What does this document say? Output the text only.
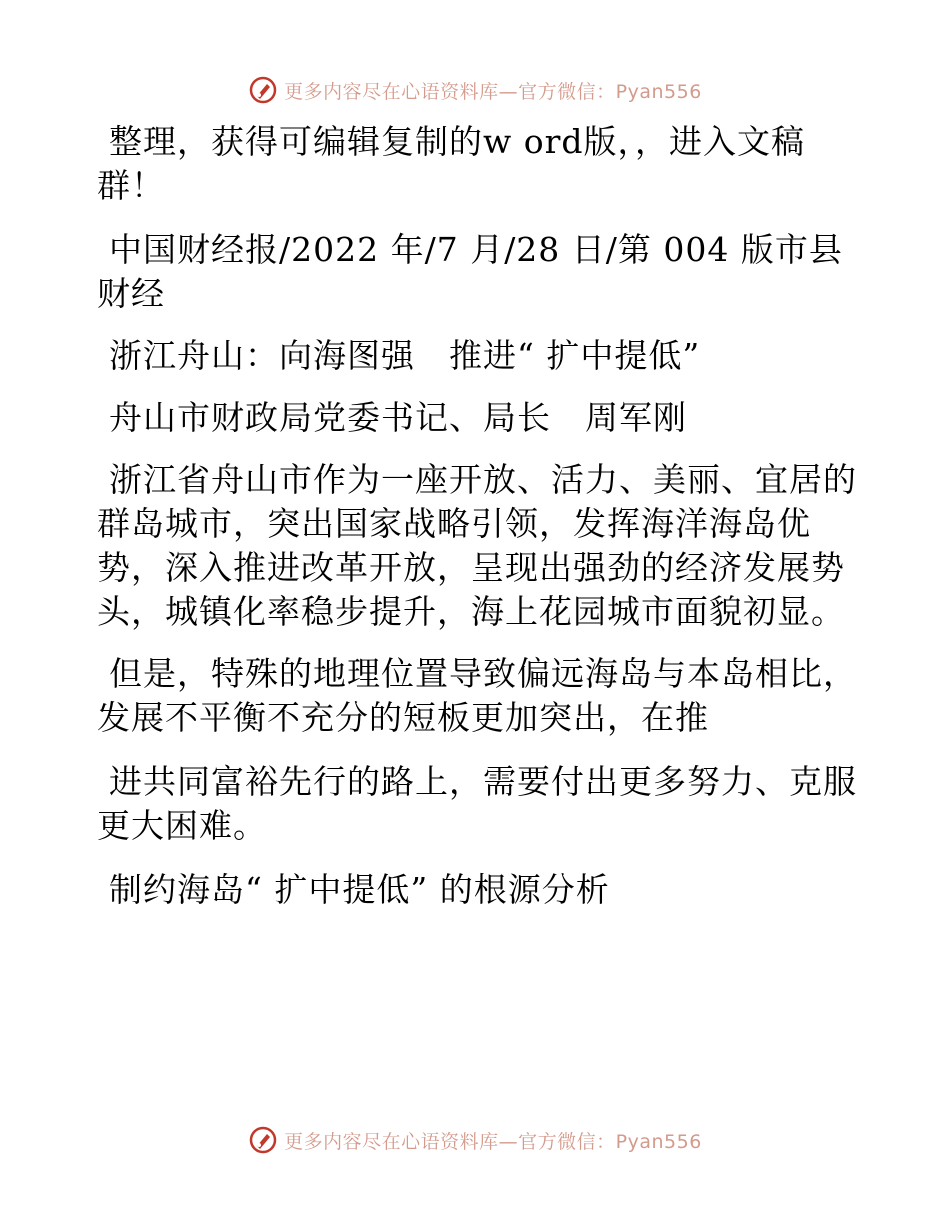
更多内容尽在心语资料库—官方微信：Pyan556

整理，获得可编辑复制的w ord版，，进入文稿群！

中国财经报/2022 年/7 月/28 日/第 004 版市县财经

浙江舟山：向海图强　推进“ 扩中提低”

舟山市财政局党委书记、局长　周军刚

浙江省舟山市作为一座开放、活力、美丽、宜居的群岛城市，突出国家战略引领，发挥海洋海岛优势，深入推进改革开放，呈现出强劲的经济发展势头，城镇化率稳步提升，海上花园城市面貌初显。

但是，特殊的地理位置导致偏远海岛与本岛相比，发展不平衡不充分的短板更加突出，在推

进共同富裕先行的路上，需要付出更多努力、克服更大困难。

制约海岛“ 扩中提低” 的根源分析

更多内容尽在心语资料库—官方微信：Pyan556
